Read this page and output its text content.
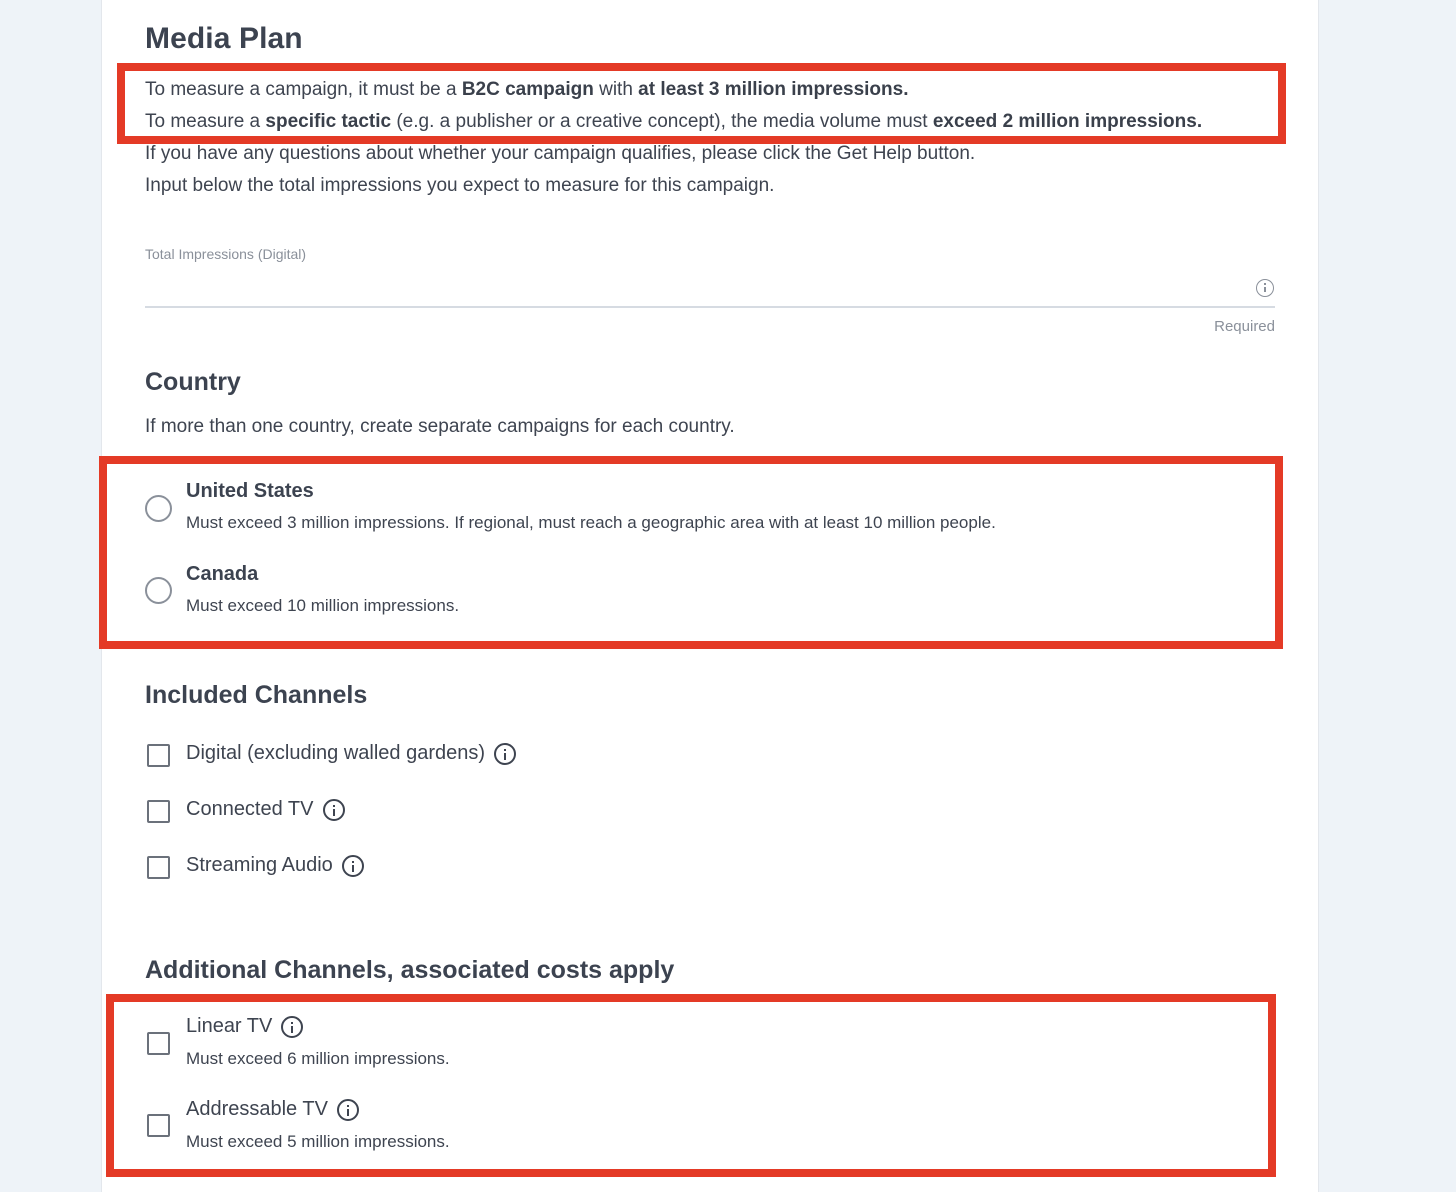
Media Plan
To measure a campaign, it must be a B2C campaign with at least 3 million impressions.
To measure a specific tactic (e.g. a publisher or a creative concept), the media volume must exceed 2 million impressions.
If you have any questions about whether your campaign qualifies, please click the Get Help button.
Input below the total impressions you expect to measure for this campaign.
Total Impressions (Digital)
Required
Country
If more than one country, create separate campaigns for each country.
United States
Must exceed 3 million impressions. If regional, must reach a geographic area with at least 10 million people.
Canada
Must exceed 10 million impressions.
Included Channels
Digital (excluding walled gardens)
Connected TV
Streaming Audio
Additional Channels, associated costs apply
Linear TV
Must exceed 6 million impressions.
Addressable TV
Must exceed 5 million impressions.
